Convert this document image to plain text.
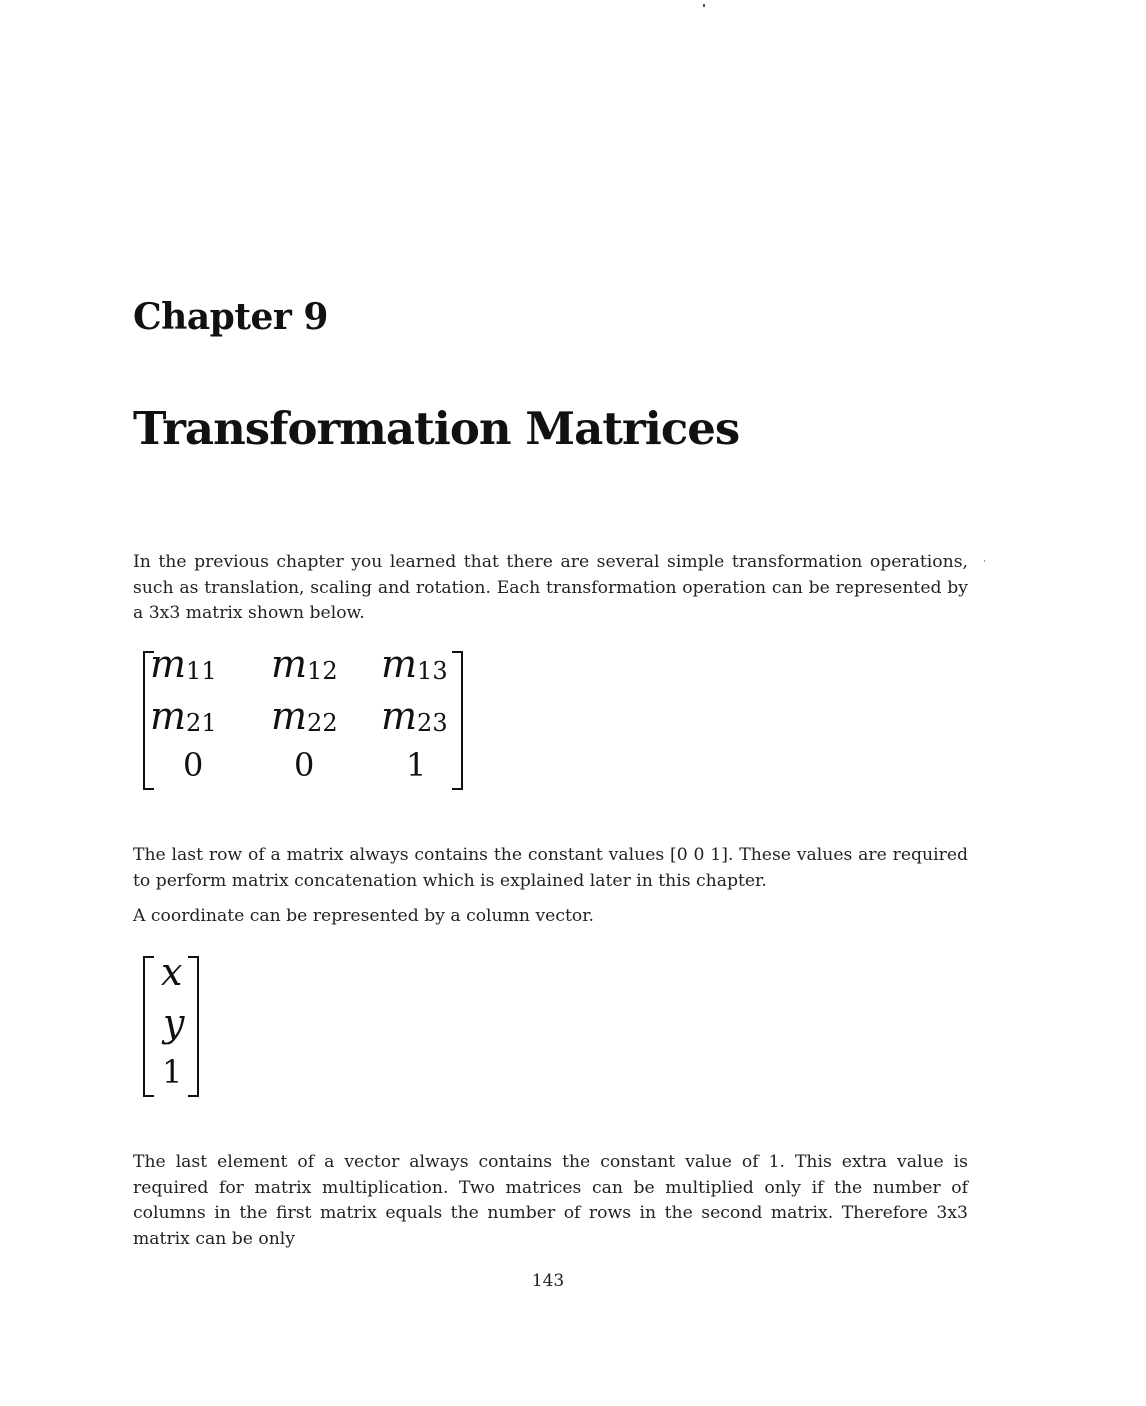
Chapter 9
Transformation Matrices

In the previous chapter you learned that there are several simple transformation operations, such as translation, scaling and rotation. Each transformation operation can be represented by a 3x3 matrix shown below.

$m_{11}$ $m_{12}$ $m_{13}$
$m_{21}$ $m_{22}$ $m_{23}$
0	0	1

The last row of a matrix always contains the constant values [0 0 1]. These values are required to perform matrix concatenation which is explained later in this chapter.

A coordinate can be represented by a column vector.

x
y
1

The last element of a vector always contains the constant value of 1. This extra value is required for matrix multiplication. Two matrices can be multiplied only if the number of columns in the first matrix equals the number of rows in the second matrix. Therefore 3x3 matrix can be only

143
